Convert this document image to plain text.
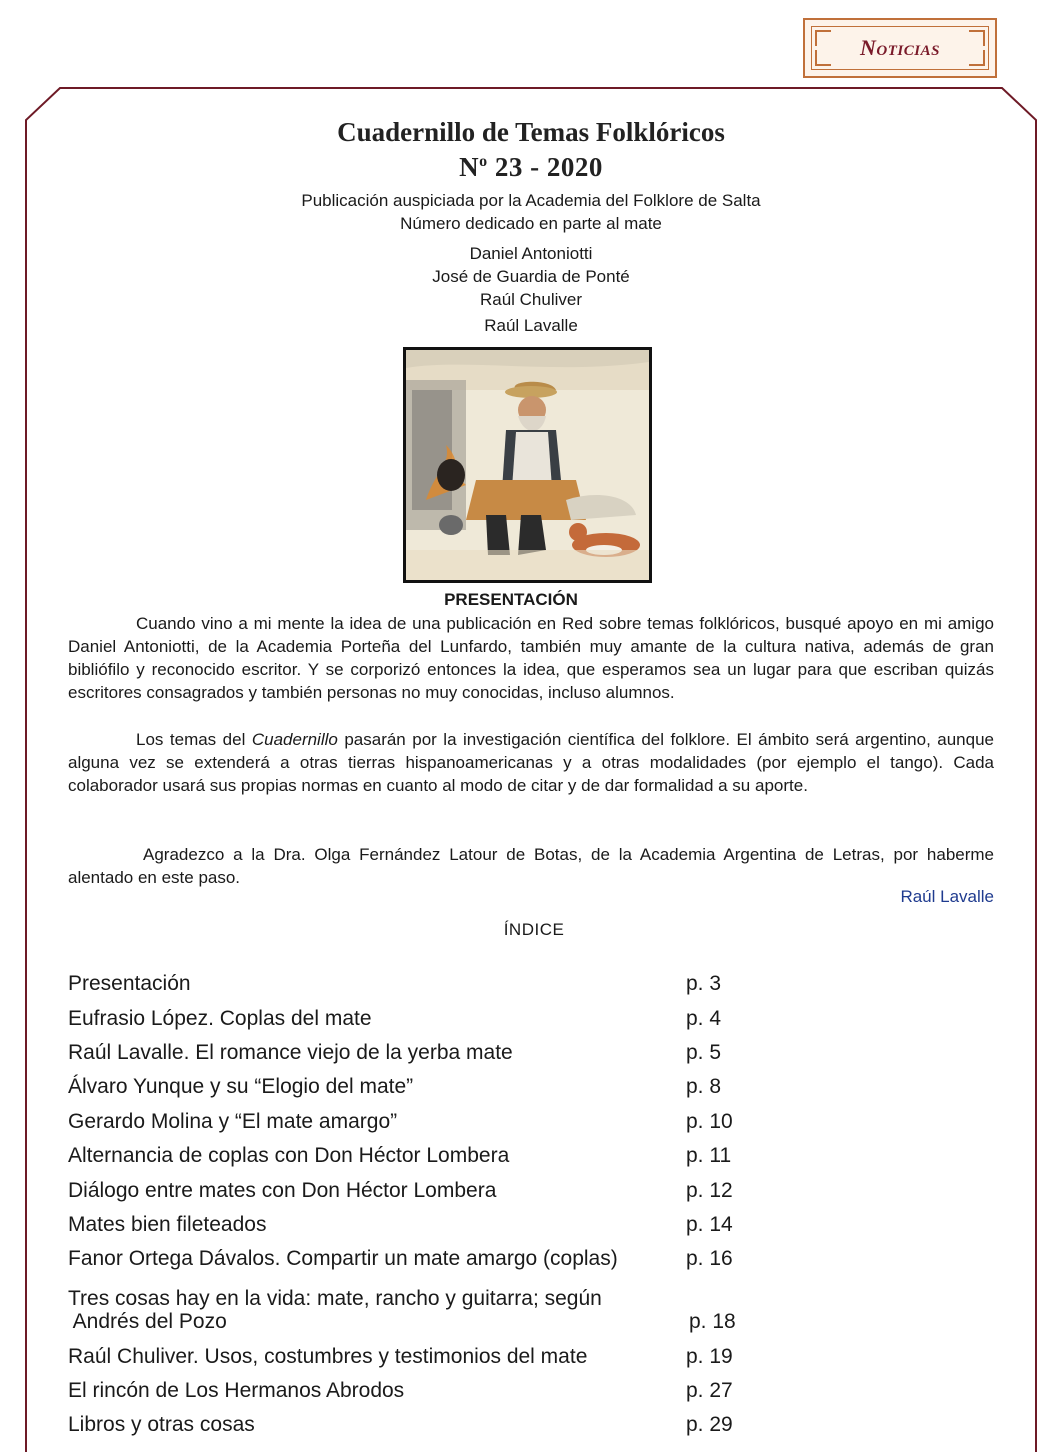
Noticias
Cuadernillo de Temas Folklóricos
$N^o$ 23 - 2020
Publicación auspiciada por la Academia del Folklore de Salta
Número dedicado en parte al mate
Daniel Antoniotti
José de Guardia de Ponté
Raúl Chuliver
Raúl Lavalle
PRESENTACIÓN
Cuando vino a mi mente la idea de una publicación en Red sobre temas folklóricos, busqué apoyo en mi amigo Daniel Antoniotti, de la Academia Porteña del Lunfardo, también muy amante de la cultura nativa, además de gran bibliófilo y reconocido escritor. Y se corporizó entonces la idea, que esperamos sea un lugar para que escriban quizás escritores consagrados y también personas no muy conocidas, incluso alumnos.
Los temas del Cuadernillo pasarán por la investigación científica del folklore. El ámbito será argentino, aunque alguna vez se extenderá a otras tierras hispanoamericanas y a otras modalidades (por ejemplo el tango). Cada colaborador usará sus propias normas en cuanto al modo de citar y de dar formalidad a su aporte.
Agradezco a la Dra. Olga Fernández Latour de Botas, de la Academia Argentina de Letras, por haberme alentado en este paso.
Raúl Lavalle
ÍNDICE
Presentación	p. 3
Eufrasio López. Coplas del mate	p. 4
Raúl Lavalle. El romance viejo de la yerba mate	p. 5
Álvaro Yunque y su “Elogio del mate”	p. 8
Gerardo Molina y “El mate amargo”	p. 10
Alternancia de coplas con Don Héctor Lombera	p. 11
Diálogo entre mates con Don Héctor Lombera	p. 12
Mates bien fileteados	p. 14
Fanor Ortega Dávalos. Compartir un mate amargo (coplas)	p. 16
Tres cosas hay en la vida: mate, rancho y guitarra; según
Andrés del Pozo	p. 18
Raúl Chuliver. Usos, costumbres y testimonios del mate	p. 19
El rincón de Los Hermanos Abrodos	p. 27
Libros y otras cosas	p. 29
